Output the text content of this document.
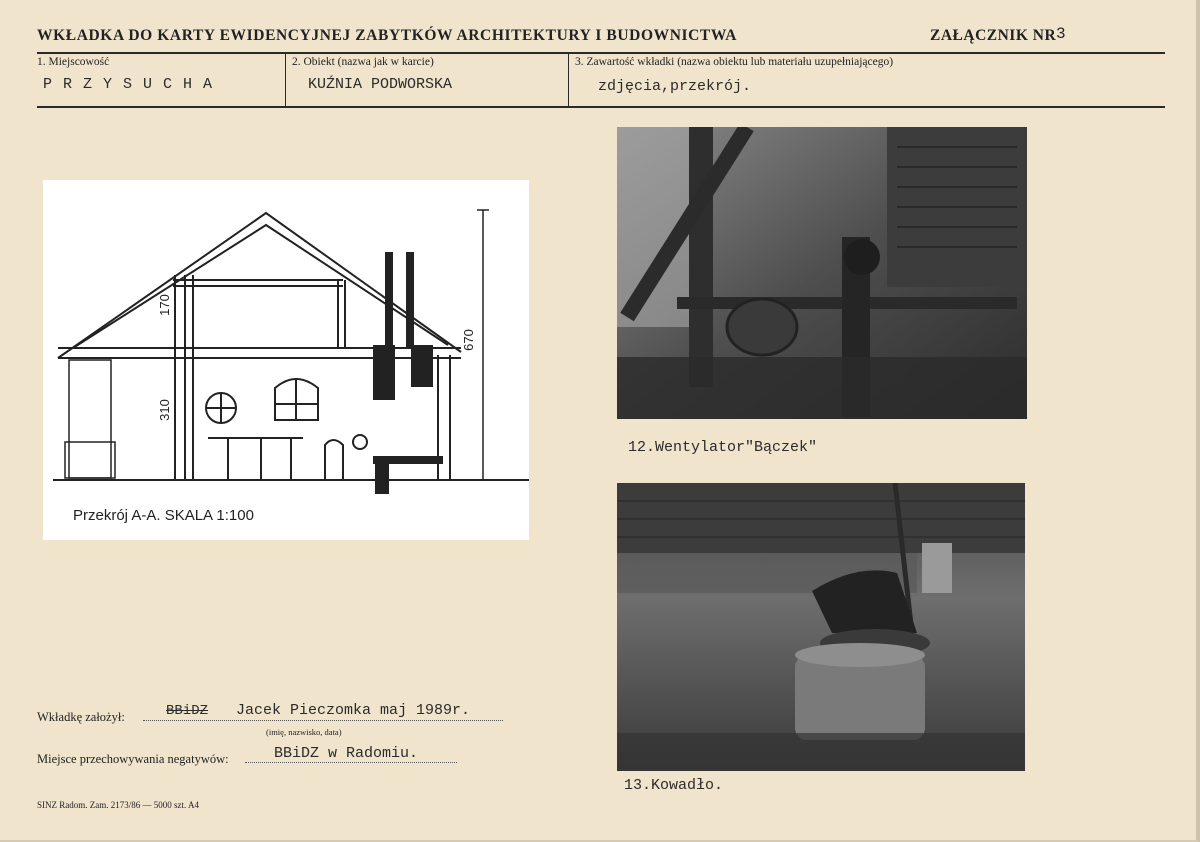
WKŁADKA DO KARTY EWIDENCYJNEJ ZABYTKÓW ARCHITEKTURY I BUDOWNICTWA	ZAŁĄCZNIK NR 3
1. Miejscowość
P R Z Y S U C H A
2. Obiekt (nazwa jak w karcie)
KUŹNIA PODWORSKA
3. Zawartość wkładki (nazwa obiektu lub materiału uzupełniającego)
zdjęcia,przekrój.
170
310
670
Przekrój A-A. SKALA 1:100
12.Wentylator"Bączek"
13.Kowadło.
Wkładkę założył:	BBiDZ Jacek Pieczomka maj 1989r.
(imię, nazwisko, data)
Miejsce przechowywania negatywów:	BBiDZ w Radomiu.
SINZ Radom. Zam. 2173/86 — 5000 szt. A4
